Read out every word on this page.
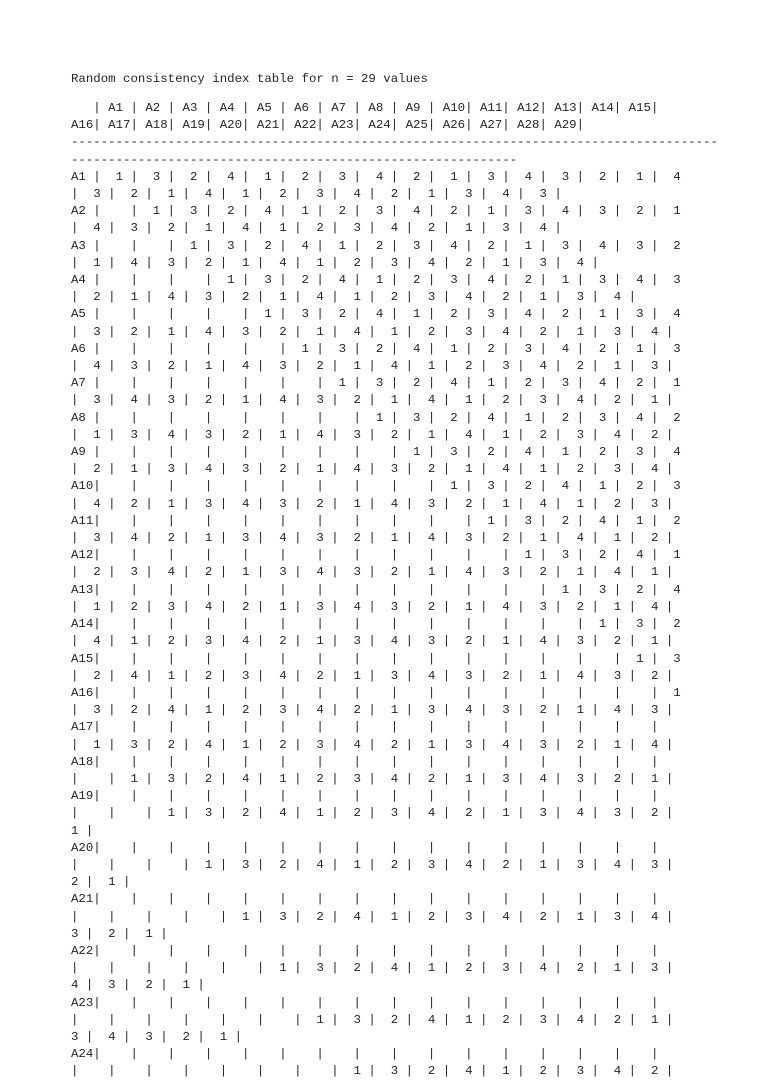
Random consistency index table for n = 29 values
| A1 | A2 | A3 | A4 | A5 | A6 | A7 | A8 | A9 | A10| A11| A12| A13| A14| A15|
A16| A17| A18| A19| A20| A21| A22| A23| A24| A25| A26| A27| A28| A29|
---------------------------------------------------------------------------------------
------------------------------------------------------------
A1 |  1 |  3 |  2 |  4 |  1 |  2 |  3 |  4 |  2 |  1 |  3 |  4 |  3 |  2 |  1 |  4
|  3 |  2 |  1 |  4 |  1 |  2 |  3 |  4 |  2 |  1 |  3 |  4 |  3 |
A2 |    |  1 |  3 |  2 |  4 |  1 |  2 |  3 |  4 |  2 |  1 |  3 |  4 |  3 |  2 |  1
|  4 |  3 |  2 |  1 |  4 |  1 |  2 |  3 |  4 |  2 |  1 |  3 |  4 |
A3 |    |    |  1 |  3 |  2 |  4 |  1 |  2 |  3 |  4 |  2 |  1 |  3 |  4 |  3 |  2
|  1 |  4 |  3 |  2 |  1 |  4 |  1 |  2 |  3 |  4 |  2 |  1 |  3 |  4 |
A4 |    |    |    |  1 |  3 |  2 |  4 |  1 |  2 |  3 |  4 |  2 |  1 |  3 |  4 |  3
|  2 |  1 |  4 |  3 |  2 |  1 |  4 |  1 |  2 |  3 |  4 |  2 |  1 |  3 |  4 |
A5 |    |    |    |    |  1 |  3 |  2 |  4 |  1 |  2 |  3 |  4 |  2 |  1 |  3 |  4
|  3 |  2 |  1 |  4 |  3 |  2 |  1 |  4 |  1 |  2 |  3 |  4 |  2 |  1 |  3 |  4 |
A6 |    |    |    |    |    |  1 |  3 |  2 |  4 |  1 |  2 |  3 |  4 |  2 |  1 |  3
|  4 |  3 |  2 |  1 |  4 |  3 |  2 |  1 |  4 |  1 |  2 |  3 |  4 |  2 |  1 |  3 |
A7 |    |    |    |    |    |    |  1 |  3 |  2 |  4 |  1 |  2 |  3 |  4 |  2 |  1
|  3 |  4 |  3 |  2 |  1 |  4 |  3 |  2 |  1 |  4 |  1 |  2 |  3 |  4 |  2 |  1 |
A8 |    |    |    |    |    |    |    |  1 |  3 |  2 |  4 |  1 |  2 |  3 |  4 |  2
|  1 |  3 |  4 |  3 |  2 |  1 |  4 |  3 |  2 |  1 |  4 |  1 |  2 |  3 |  4 |  2 |
A9 |    |    |    |    |    |    |    |    |  1 |  3 |  2 |  4 |  1 |  2 |  3 |  4
|  2 |  1 |  3 |  4 |  3 |  2 |  1 |  4 |  3 |  2 |  1 |  4 |  1 |  2 |  3 |  4 |
A10|    |    |    |    |    |    |    |    |    |  1 |  3 |  2 |  4 |  1 |  2 |  3
|  4 |  2 |  1 |  3 |  4 |  3 |  2 |  1 |  4 |  3 |  2 |  1 |  4 |  1 |  2 |  3 |
A11|    |    |    |    |    |    |    |    |    |    |  1 |  3 |  2 |  4 |  1 |  2
|  3 |  4 |  2 |  1 |  3 |  4 |  3 |  2 |  1 |  4 |  3 |  2 |  1 |  4 |  1 |  2 |
A12|    |    |    |    |    |    |    |    |    |    |    |  1 |  3 |  2 |  4 |  1
|  2 |  3 |  4 |  2 |  1 |  3 |  4 |  3 |  2 |  1 |  4 |  3 |  2 |  1 |  4 |  1 |
A13|    |    |    |    |    |    |    |    |    |    |    |    |  1 |  3 |  2 |  4
|  1 |  2 |  3 |  4 |  2 |  1 |  3 |  4 |  3 |  2 |  1 |  4 |  3 |  2 |  1 |  4 |
A14|    |    |    |    |    |    |    |    |    |    |    |    |    |  1 |  3 |  2
|  4 |  1 |  2 |  3 |  4 |  2 |  1 |  3 |  4 |  3 |  2 |  1 |  4 |  3 |  2 |  1 |
A15|    |    |    |    |    |    |    |    |    |    |    |    |    |    |  1 |  3
|  2 |  4 |  1 |  2 |  3 |  4 |  2 |  1 |  3 |  4 |  3 |  2 |  1 |  4 |  3 |  2 |
A16|    |    |    |    |    |    |    |    |    |    |    |    |    |    |    |  1
|  3 |  2 |  4 |  1 |  2 |  3 |  4 |  2 |  1 |  3 |  4 |  3 |  2 |  1 |  4 |  3 |
A17|    |    |    |    |    |    |    |    |    |    |    |    |    |    |    |
|  1 |  3 |  2 |  4 |  1 |  2 |  3 |  4 |  2 |  1 |  3 |  4 |  3 |  2 |  1 |  4 |
A18|    |    |    |    |    |    |    |    |    |    |    |    |    |    |    |
|    |  1 |  3 |  2 |  4 |  1 |  2 |  3 |  4 |  2 |  1 |  3 |  4 |  3 |  2 |  1 |
A19|    |    |    |    |    |    |    |    |    |    |    |    |    |    |    |
|    |    |  1 |  3 |  2 |  4 |  1 |  2 |  3 |  4 |  2 |  1 |  3 |  4 |  3 |  2 |
1 |
A20|    |    |    |    |    |    |    |    |    |    |    |    |    |    |    |
|    |    |    |  1 |  3 |  2 |  4 |  1 |  2 |  3 |  4 |  2 |  1 |  3 |  4 |  3 |
2 |  1 |
A21|    |    |    |    |    |    |    |    |    |    |    |    |    |    |    |
|    |    |    |    |  1 |  3 |  2 |  4 |  1 |  2 |  3 |  4 |  2 |  1 |  3 |  4 |
3 |  2 |  1 |
A22|    |    |    |    |    |    |    |    |    |    |    |    |    |    |    |
|    |    |    |    |    |  1 |  3 |  2 |  4 |  1 |  2 |  3 |  4 |  2 |  1 |  3 |
4 |  3 |  2 |  1 |
A23|    |    |    |    |    |    |    |    |    |    |    |    |    |    |    |
|    |    |    |    |    |    |  1 |  3 |  2 |  4 |  1 |  2 |  3 |  4 |  2 |  1 |
3 |  4 |  3 |  2 |  1 |
A24|    |    |    |    |    |    |    |    |    |    |    |    |    |    |    |
|    |    |    |    |    |    |    |  1 |  3 |  2 |  4 |  1 |  2 |  3 |  4 |  2 |
